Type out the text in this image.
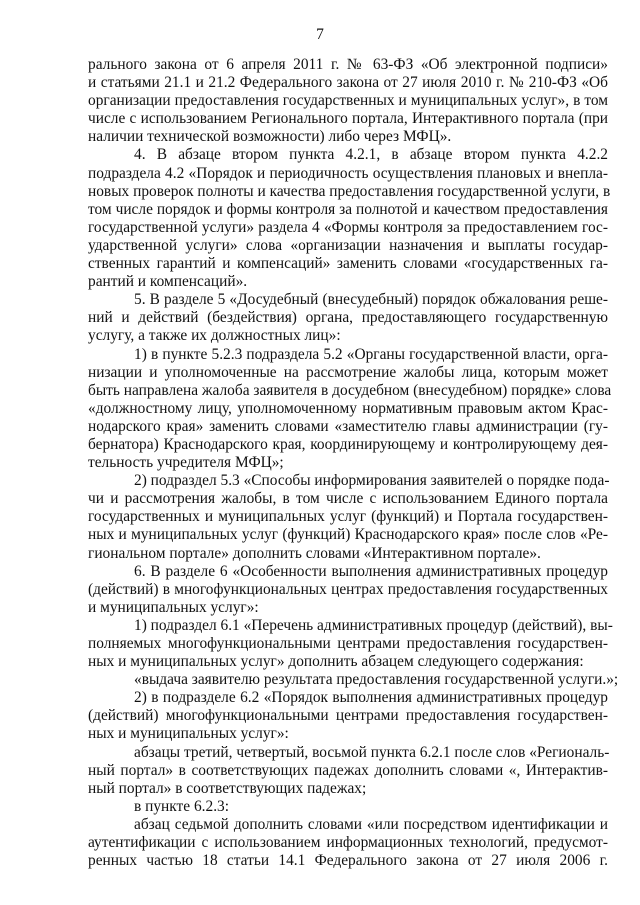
7
рального закона от 6 апреля 2011 г. № 63-ФЗ «Об электронной подписи»
и статьями 21.1 и 21.2 Федерального закона от 27 июля 2010 г. № 210-ФЗ «Об
организации предоставления государственных и муниципальных услуг», в том
числе с использованием Регионального портала, Интерактивного портала (при
наличии технической возможности) либо через МФЦ».
4. В абзаце втором пункта 4.2.1, в абзаце втором пункта 4.2.2
подраздела 4.2 «Порядок и периодичность осуществления плановых и внепла-
новых проверок полноты и качества предоставления государственной услуги, в
том числе порядок и формы контроля за полнотой и качеством предоставления
государственной услуги» раздела 4 «Формы контроля за предоставлением гос-
ударственной услуги» слова «организации назначения и выплаты государ-
ственных гарантий и компенсаций» заменить словами «государственных га-
рантий и компенсаций».
5. В разделе 5 «Досудебный (внесудебный) порядок обжалования реше-
ний и действий (бездействия) органа, предоставляющего государственную
услугу, а также их должностных лиц»:
1) в пункте 5.2.3 подраздела 5.2 «Органы государственной власти, орга-
низации и уполномоченные на рассмотрение жалобы лица, которым может
быть направлена жалоба заявителя в досудебном (внесудебном) порядке» слова
«должностному лицу, уполномоченному нормативным правовым актом Крас-
нодарского края» заменить словами «заместителю главы администрации (гу-
бернатора) Краснодарского края, координирующему и контролирующему дея-
тельность учредителя МФЦ»;
2) подраздел 5.3 «Способы информирования заявителей о порядке пода-
чи и рассмотрения жалобы, в том числе с использованием Единого портала
государственных и муниципальных услуг (функций) и Портала государствен-
ных и муниципальных услуг (функций) Краснодарского края» после слов «Ре-
гиональном портале» дополнить словами «Интерактивном портале».
6. В разделе 6 «Особенности выполнения административных процедур
(действий) в многофункциональных центрах предоставления государственных
и муниципальных услуг»:
1) подраздел 6.1 «Перечень административных процедур (действий), вы-
полняемых многофункциональными центрами предоставления государствен-
ных и муниципальных услуг» дополнить абзацем следующего содержания:
«выдача заявителю результата предоставления государственной услуги.»;
2) в подразделе 6.2 «Порядок выполнения административных процедур
(действий) многофункциональными центрами предоставления государствен-
ных и муниципальных услуг»:
абзацы третий, четвертый, восьмой пункта 6.2.1 после слов «Региональ-
ный портал» в соответствующих падежах дополнить словами «, Интерактив-
ный портал» в соответствующих падежах;
в пункте 6.2.3:
абзац седьмой дополнить словами «или посредством идентификации и
аутентификации с использованием информационных технологий, предусмот-
ренных частью 18 статьи 14.1 Федерального закона от 27 июля 2006 г.
